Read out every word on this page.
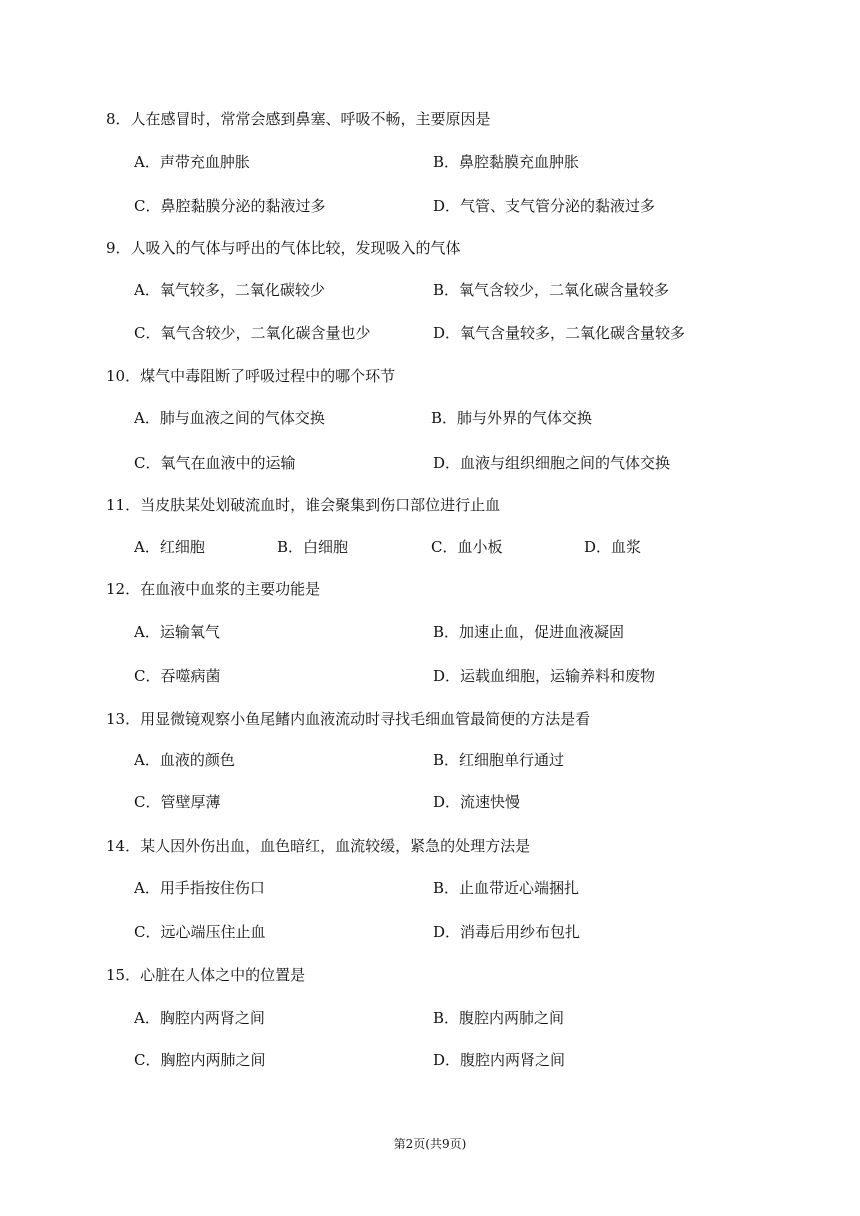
8．人在感冒时，常常会感到鼻塞、呼吸不畅，主要原因是
A．声带充血肿胀	B．鼻腔黏膜充血肿胀
C．鼻腔黏膜分泌的黏液过多	D．气管、支气管分泌的黏液过多
9．人吸入的气体与呼出的气体比较，发现吸入的气体
A．氧气较多，二氧化碳较少	B．氧气含较少，二氧化碳含量较多
C．氧气含较少，二氧化碳含量也少	D．氧气含量较多，二氧化碳含量较多
10．煤气中毒阻断了呼吸过程中的哪个环节
A．肺与血液之间的气体交换	B．肺与外界的气体交换
C．氧气在血液中的运输	D．血液与组织细胞之间的气体交换
11．当皮肤某处划破流血时，谁会聚集到伤口部位进行止血
A．红细胞	B．白细胞	C．血小板	D．血浆
12．在血液中血浆的主要功能是
A．运输氧气	B．加速止血，促进血液凝固
C．吞噬病菌	D．运载血细胞，运输养料和废物
13．用显微镜观察小鱼尾鳍内血液流动时寻找毛细血管最简便的方法是看
A．血液的颜色	B．红细胞单行通过
C．管壁厚薄	D．流速快慢
14．某人因外伤出血，血色暗红，血流较缓，紧急的处理方法是
A．用手指按住伤口	B．止血带近心端捆扎
C．远心端压住止血	D．消毒后用纱布包扎
15．心脏在人体之中的位置是
A．胸腔内两肾之间	B．腹腔内两肺之间
C．胸腔内两肺之间	D．腹腔内两肾之间
第2页(共9页)
